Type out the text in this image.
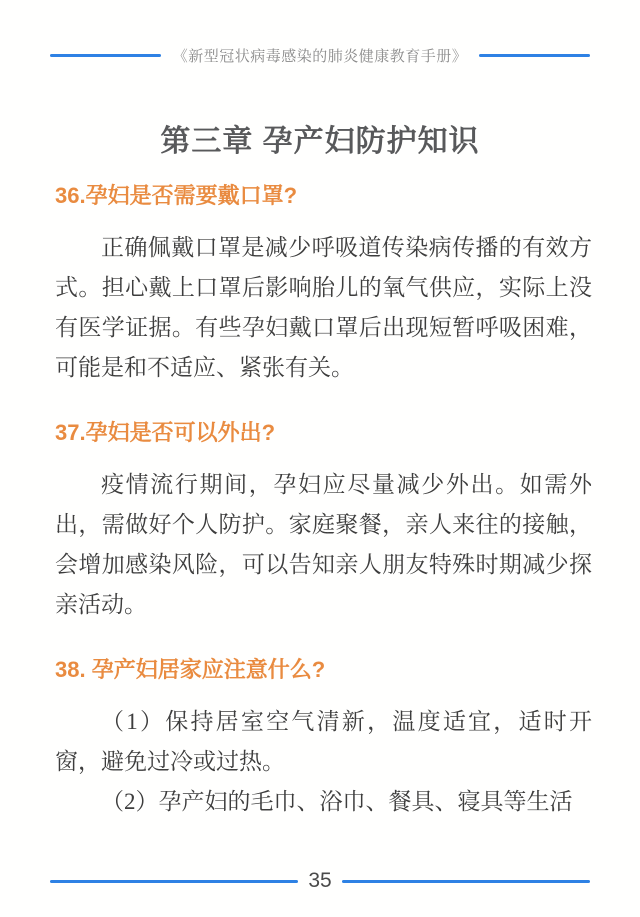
《新型冠状病毒感染的肺炎健康教育手册》
第三章 孕产妇防护知识
36.孕妇是否需要戴口罩?

正确佩戴口罩是减少呼吸道传染病传播的有效方式。担心戴上口罩后影响胎儿的氧气供应，实际上没有医学证据。有些孕妇戴口罩后出现短暂呼吸困难，可能是和不适应、紧张有关。

37.孕妇是否可以外出?

疫情流行期间，孕妇应尽量减少外出。如需外出，需做好个人防护。家庭聚餐，亲人来往的接触，会增加感染风险，可以告知亲人朋友特殊时期减少探亲活动。

38. 孕产妇居家应注意什么?

（1）保持居室空气清新，温度适宜，适时开窗，避免过冷或过热。

（2）孕产妇的毛巾、浴巾、餐具、寝具等生活

35
